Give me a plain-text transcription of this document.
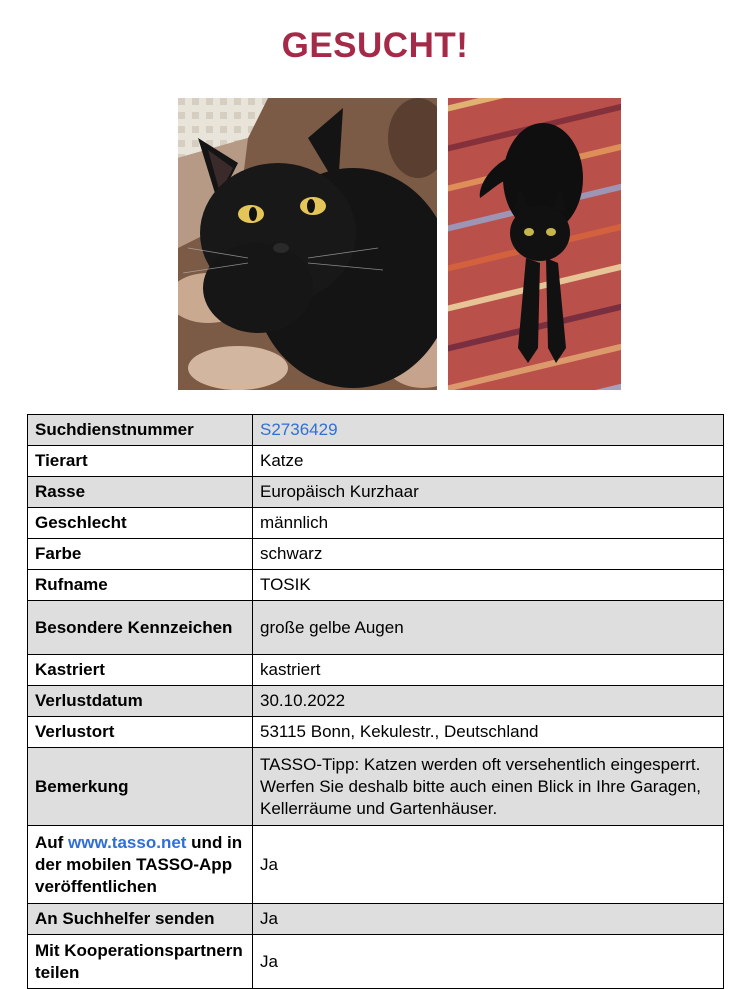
GESUCHT!
Suchdienstnummer	S2736429
Tierart	Katze
Rasse	Europäisch Kurzhaar
Geschlecht	männlich
Farbe	schwarz
Rufname	TOSIK
Besondere Kennzeichen	große gelbe Augen
Kastriert	kastriert
Verlustdatum	30.10.2022
Verlustort	53115 Bonn, Kekulestr., Deutschland
Bemerkung	TASSO-Tipp: Katzen werden oft versehentlich eingesperrt. Werfen Sie deshalb bitte auch einen Blick in Ihre Garagen, Kellerräume und Gartenhäuser.
Auf www.tasso.net und in der mobilen TASSO-App veröffentlichen	Ja
An Suchhelfer senden	Ja
Mit Kooperationspartnern teilen	Ja
